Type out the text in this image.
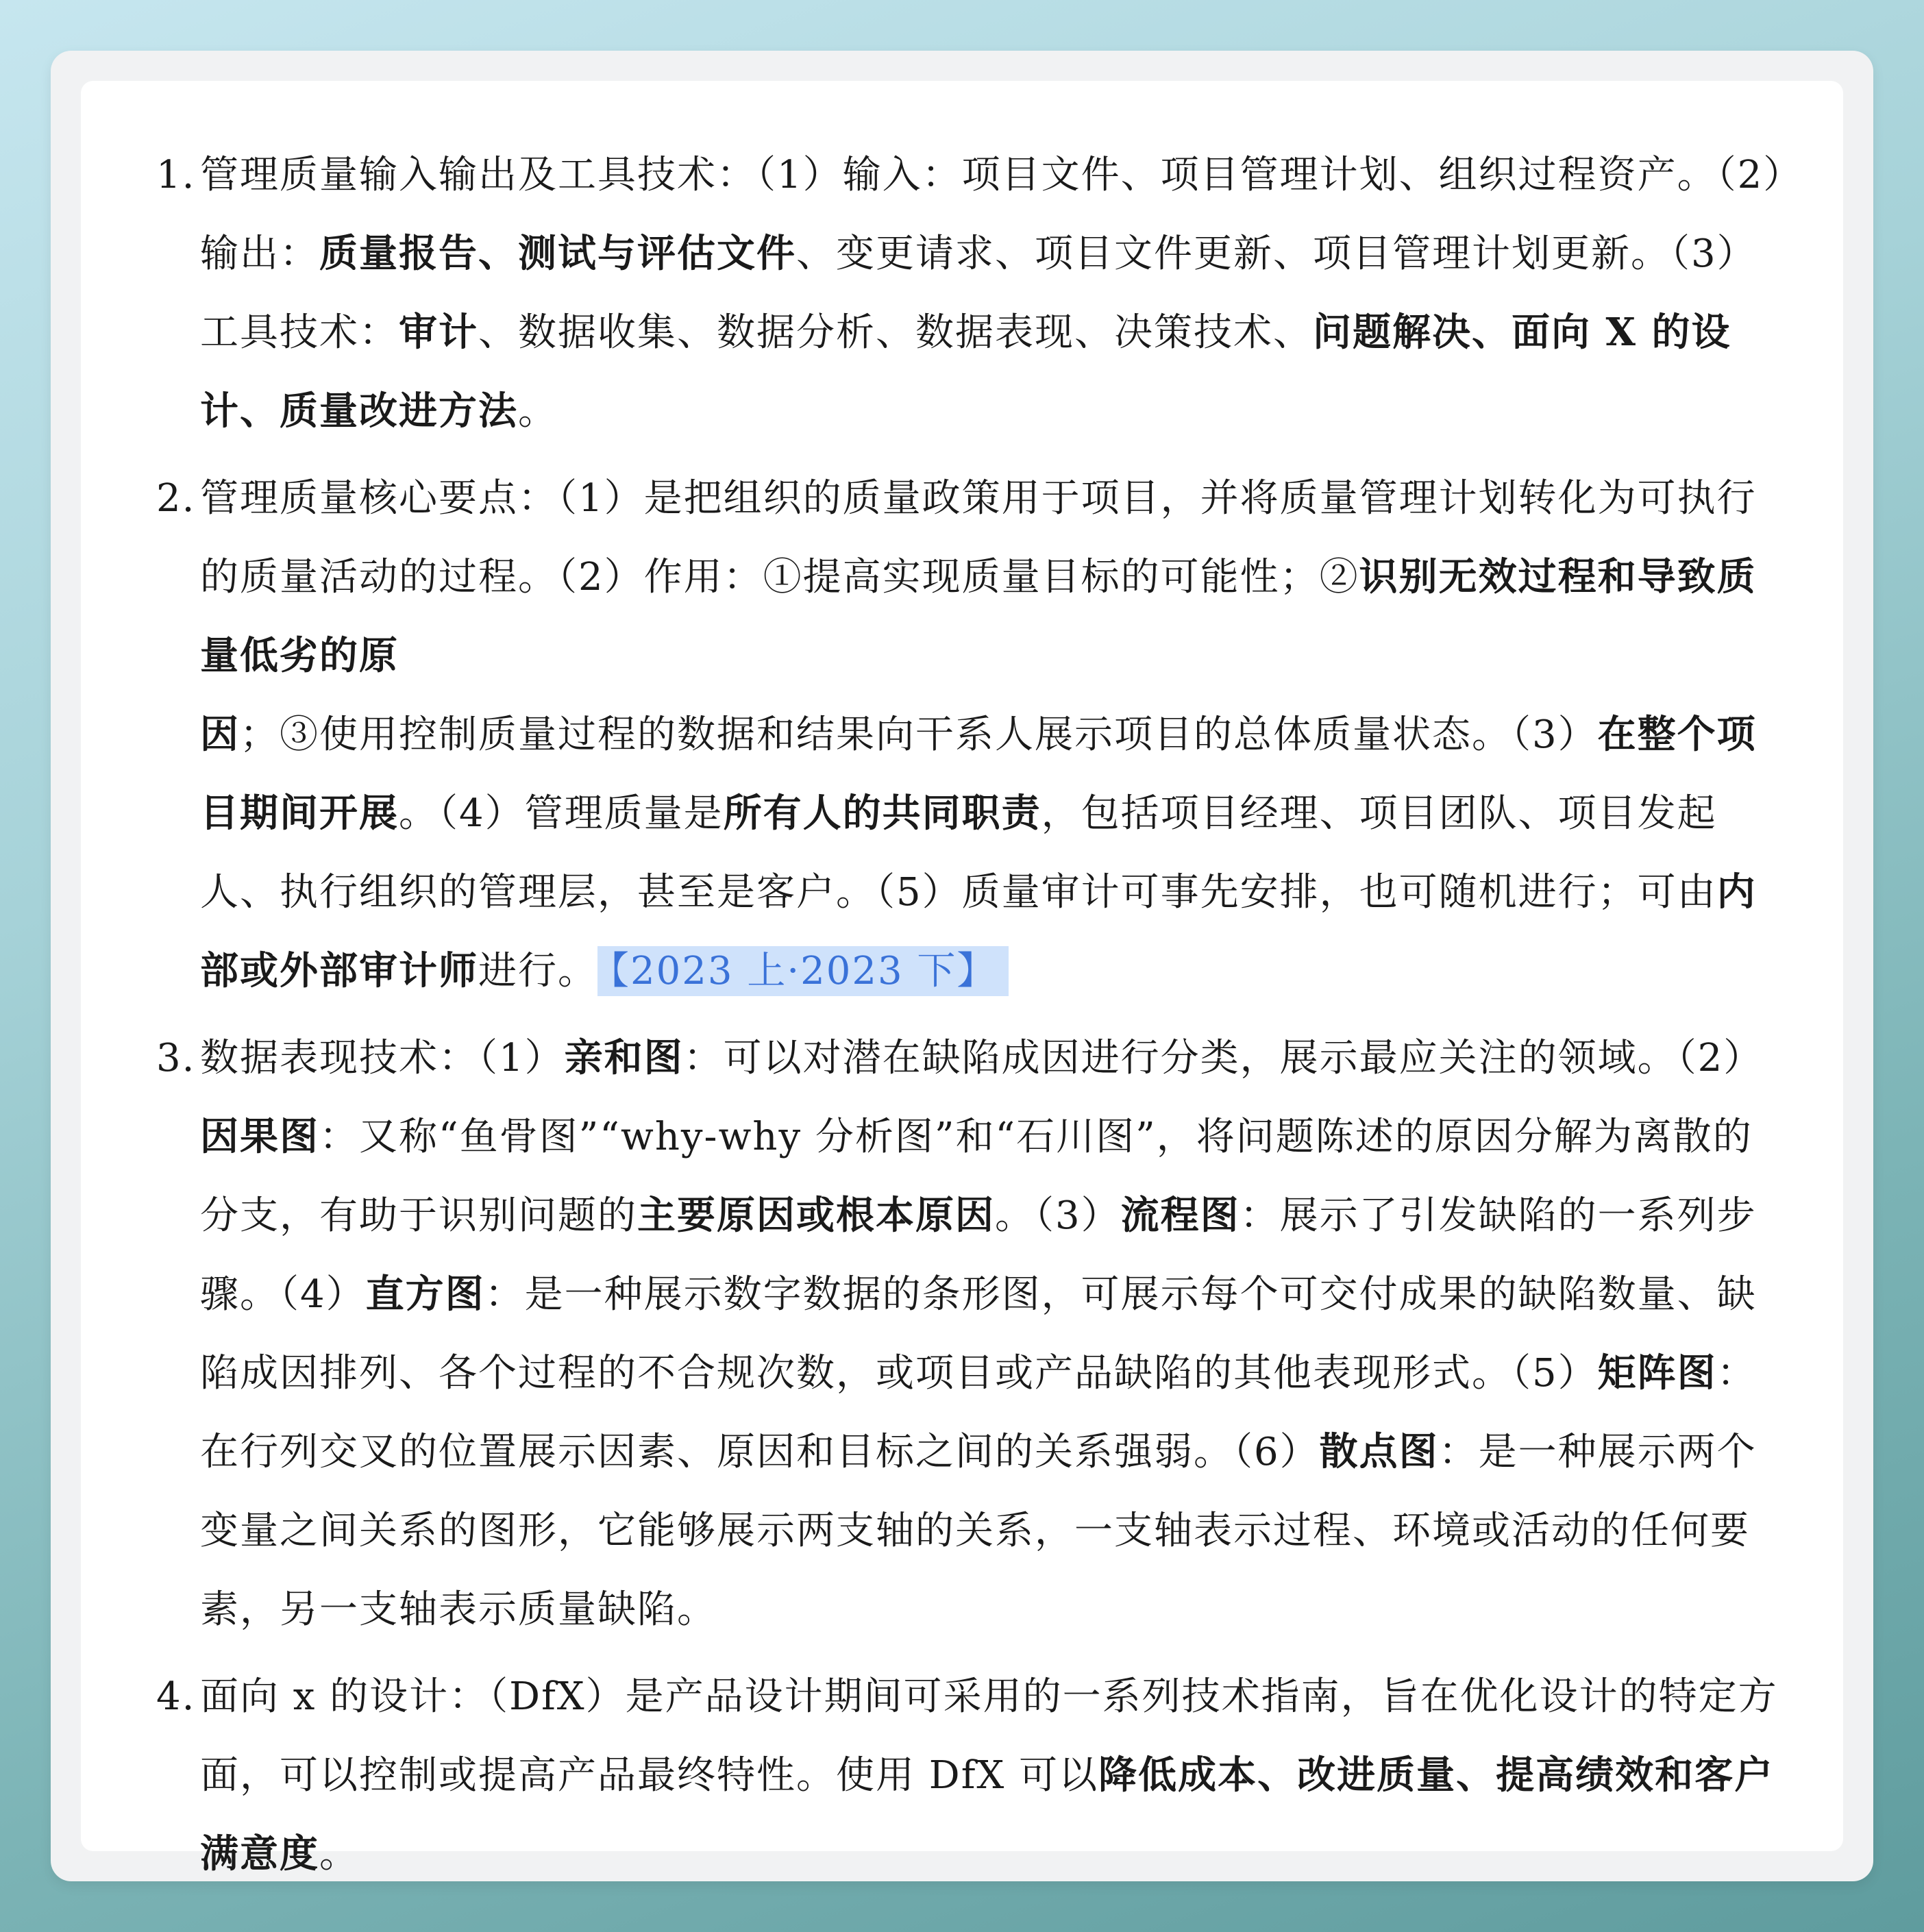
1. 管理质量输入输出及工具技术：（1）输入：项目文件、项目管理计划、组织过程资产。（2）输出：质量报告、测试与评估文件、变更请求、项目文件更新、项目管理计划更新。（3）工具技术：审计、数据收集、数据分析、数据表现、决策技术、问题解决、面向 X 的设计、质量改进方法。
2. 管理质量核心要点：（1）是把组织的质量政策用于项目，并将质量管理计划转化为可执行的质量活动的过程。（2）作用：①提高实现质量目标的可能性；②识别无效过程和导致质量低劣的原因；③使用控制质量过程的数据和结果向干系人展示项目的总体质量状态。（3）在整个项目期间开展。（4）管理质量是所有人的共同职责，包括项目经理、项目团队、项目发起人、执行组织的管理层，甚至是客户。（5）质量审计可事先安排，也可随机进行；可由内部或外部审计师进行。 【2023 上·2023 下】
3. 数据表现技术：（1）亲和图：可以对潜在缺陷成因进行分类，展示最应关注的领域。（2）因果图：又称“鱼骨图”“why-why 分析图”和“石川图”，将问题陈述的原因分解为离散的分支，有助于识别问题的主要原因或根本原因。（3）流程图：展示了引发缺陷的一系列步骤。（4）直方图：是一种展示数字数据的条形图，可展示每个可交付成果的缺陷数量、缺陷成因排列、各个过程的不合规次数，或项目或产品缺陷的其他表现形式。（5）矩阵图：在行列交叉的位置展示因素、原因和目标之间的关系强弱。（6）散点图：是一种展示两个变量之间关系的图形，它能够展示两支轴的关系，一支轴表示过程、环境或活动的任何要素，另一支轴表示质量缺陷。
4. 面向 x 的设计：（DfX）是产品设计期间可采用的一系列技术指南，旨在优化设计的特定方面，可以控制或提高产品最终特性。使用 DfX 可以降低成本、改进质量、提高绩效和客户满意度。
